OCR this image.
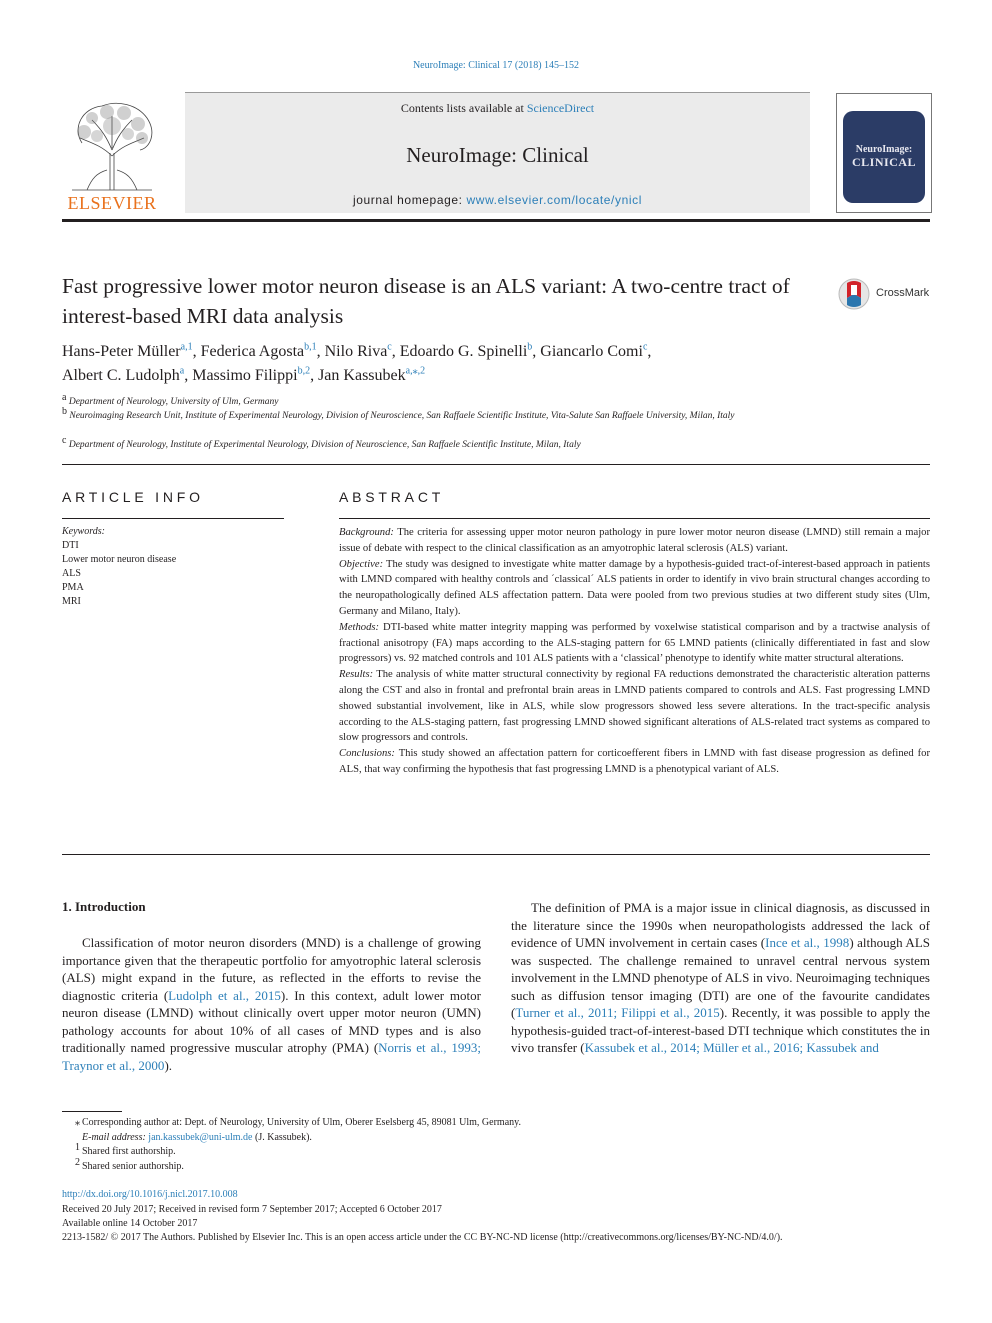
NeuroImage: Clinical 17 (2018) 145–152
ELSEVIER
Contents lists available at ScienceDirect
NeuroImage: Clinical
journal homepage: www.elsevier.com/locate/ynicl
NeuroImage:
CLINICAL
Fast progressive lower motor neuron disease is an ALS variant: A two-centre tract of interest-based MRI data analysis
CrossMark
Hans-Peter Müller$^{a,1}$, Federica Agosta$^{b,1}$, Nilo Riva$^c$, Edoardo G. Spinelli$^b$, Giancarlo Comi$^c$,
Albert C. Ludolph$^a$, Massimo Filippi$^{b,2}$, Jan Kassubek$^{a,⁎,2}$
$^a$ Department of Neurology, University of Ulm, Germany
$^b$ Neuroimaging Research Unit, Institute of Experimental Neurology, Division of Neuroscience, San Raffaele Scientific Institute, Vita-Salute San Raffaele University, Milan, Italy
$^c$ Department of Neurology, Institute of Experimental Neurology, Division of Neuroscience, San Raffaele Scientific Institute, Milan, Italy
ARTICLE INFO
Keywords:
DTI
Lower motor neuron disease
ALS
PMA
MRI
ABSTRACT

Background: The criteria for assessing upper motor neuron pathology in pure lower motor neuron disease (LMND) still remain a major issue of debate with respect to the clinical classification as an amyotrophic lateral sclerosis (ALS) variant.

Objective: The study was designed to investigate white matter damage by a hypothesis-guided tract-of-interest-based approach in patients with LMND compared with healthy controls and ´classical´ ALS patients in order to identify in vivo brain structural changes according to the neuropathologically defined ALS affectation pattern. Data were pooled from two previous studies at two different study sites (Ulm, Germany and Milano, Italy).

Methods: DTI-based white matter integrity mapping was performed by voxelwise statistical comparison and by a tractwise analysis of fractional anisotropy (FA) maps according to the ALS-staging pattern for 65 LMND patients (clinically differentiated in fast and slow progressors) vs. 92 matched controls and 101 ALS patients with a ‘classical’ phenotype to identify white matter structural alterations.

Results: The analysis of white matter structural connectivity by regional FA reductions demonstrated the characteristic alteration patterns along the CST and also in frontal and prefrontal brain areas in LMND patients compared to controls and ALS. Fast progressing LMND showed substantial involvement, like in ALS, while slow progressors showed less severe alterations. In the tract-specific analysis according to the ALS-staging pattern, fast progressing LMND showed significant alterations of ALS-related tract systems as compared to slow progressors and controls.

Conclusions: This study showed an affectation pattern for corticoefferent fibers in LMND with fast disease progression as defined for ALS, that way confirming the hypothesis that fast progressing LMND is a phenotypical variant of ALS.

1. Introduction

Classification of motor neuron disorders (MND) is a challenge of growing importance given that the therapeutic portfolio for amyotrophic lateral sclerosis (ALS) might expand in the future, as reflected in the efforts to revise the diagnostic criteria (Ludolph et al., 2015). In this context, adult lower motor neuron disease (LMND) without clinically overt upper motor neuron (UMN) pathology accounts for about 10% of all cases of MND types and is also traditionally named progressive muscular atrophy (PMA) (Norris et al., 1993; Traynor et al., 2000).

The definition of PMA is a major issue in clinical diagnosis, as discussed in the literature since the 1990s when neuropathologists addressed the lack of evidence of UMN involvement in certain cases (Ince et al., 1998) although ALS was suspected. The challenge remained to unravel central nervous system involvement in the LMND phenotype of ALS in vivo. Neuroimaging techniques such as diffusion tensor imaging (DTI) are one of the favourite candidates (Turner et al., 2011; Filippi et al., 2015). Recently, it was possible to apply the hypothesis-guided tract-of-interest-based DTI technique which constitutes the in vivo transfer (Kassubek et al., 2014; Müller et al., 2016; Kassubek and

⁎ Corresponding author at: Dept. of Neurology, University of Ulm, Oberer Eselsberg 45, 89081 Ulm, Germany.
E-mail address: jan.kassubek@uni-ulm.de (J. Kassubek).
$^1$ Shared first authorship.
$^2$ Shared senior authorship.
http://dx.doi.org/10.1016/j.nicl.2017.10.008
Received 20 July 2017; Received in revised form 7 September 2017; Accepted 6 October 2017
Available online 14 October 2017
2213-1582/ © 2017 The Authors. Published by Elsevier Inc. This is an open access article under the CC BY-NC-ND license (http://creativecommons.org/licenses/BY-NC-ND/4.0/).
